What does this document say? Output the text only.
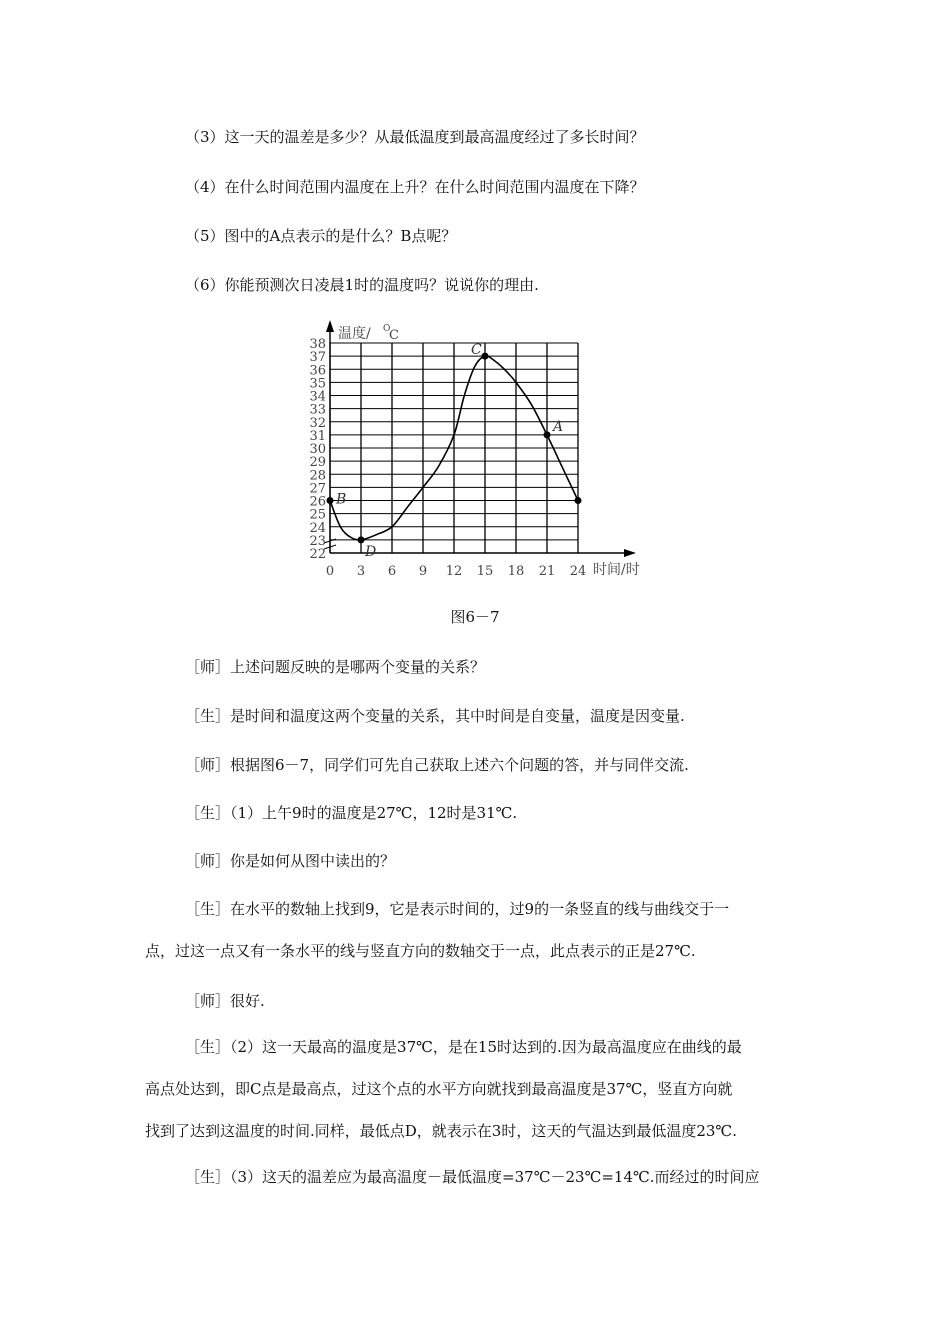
（3）这一天的温差是多少？从最低温度到最高温度经过了多长时间？
（4）在什么时间范围内温度在上升？在什么时间范围内温度在下降？
（5）图中的A点表示的是什么？B点呢？
（6）你能预测次日凌晨1时的温度吗？说说你的理由.
22
23
24
25
26
27
28
29
30
31
32
33
34
35
36
37
38
0 3 6 9 12 15 18 21 24
温度/ O
C
时间/时
B
D
C
A
图6－7
［师］上述问题反映的是哪两个变量的关系？
［生］是时间和温度这两个变量的关系，其中时间是自变量，温度是因变量.
［师］根据图6－7，同学们可先自己获取上述六个问题的答，并与同伴交流.
［生］（1）上午9时的温度是27℃，12时是31℃.
［师］你是如何从图中读出的？
［生］在水平的数轴上找到9，它是表示时间的，过9的一条竖直的线与曲线交于一
点，过这一点又有一条水平的线与竖直方向的数轴交于一点，此点表示的正是27℃.
［师］很好.
［生］（2）这一天最高的温度是37℃，是在15时达到的.因为最高温度应在曲线的最
高点处达到，即C点是最高点，过这个点的水平方向就找到最高温度是37℃，竖直方向就
找到了达到这温度的时间.同样，最低点D，就表示在3时，这天的气温达到最低温度23℃.
［生］（3）这天的温差应为最高温度－最低温度=37℃－23℃=14℃.而经过的时间应
